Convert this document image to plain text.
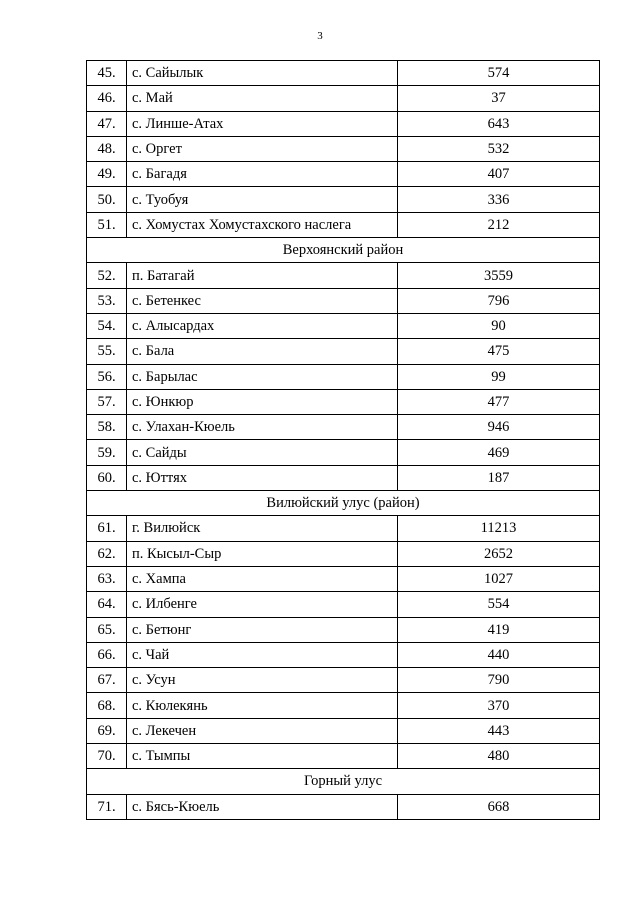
3
45.	с. Сайылык	574
46.	с. Май	37
47.	с. Линше-Атах	643
48.	с. Оргет	532
49.	с. Багадя	407
50.	с. Туобуя	336
51.	с. Хомустах Хомустахского наслега	212
Верхоянский район		
52.	п. Батагай	3559
53.	с. Бетенкес	796
54.	с. Алысардах	90
55.	с. Бала	475
56.	с. Барылас	99
57.	с. Юнкюр	477
58.	с. Улахан-Кюель	946
59.	с. Сайды	469
60.	с. Юттях	187
Вилюйский улус (район)		
61.	г. Вилюйск	11213
62.	п. Кысыл-Сыр	2652
63.	с. Хампа	1027
64.	с. Илбенге	554
65.	с. Бетюнг	419
66.	с. Чай	440
67.	с. Усун	790
68.	с. Кюлекянь	370
69.	с. Лекечен	443
70.	с. Тымпы	480
Горный улус		
71.	с. Бясь-Кюель	668
